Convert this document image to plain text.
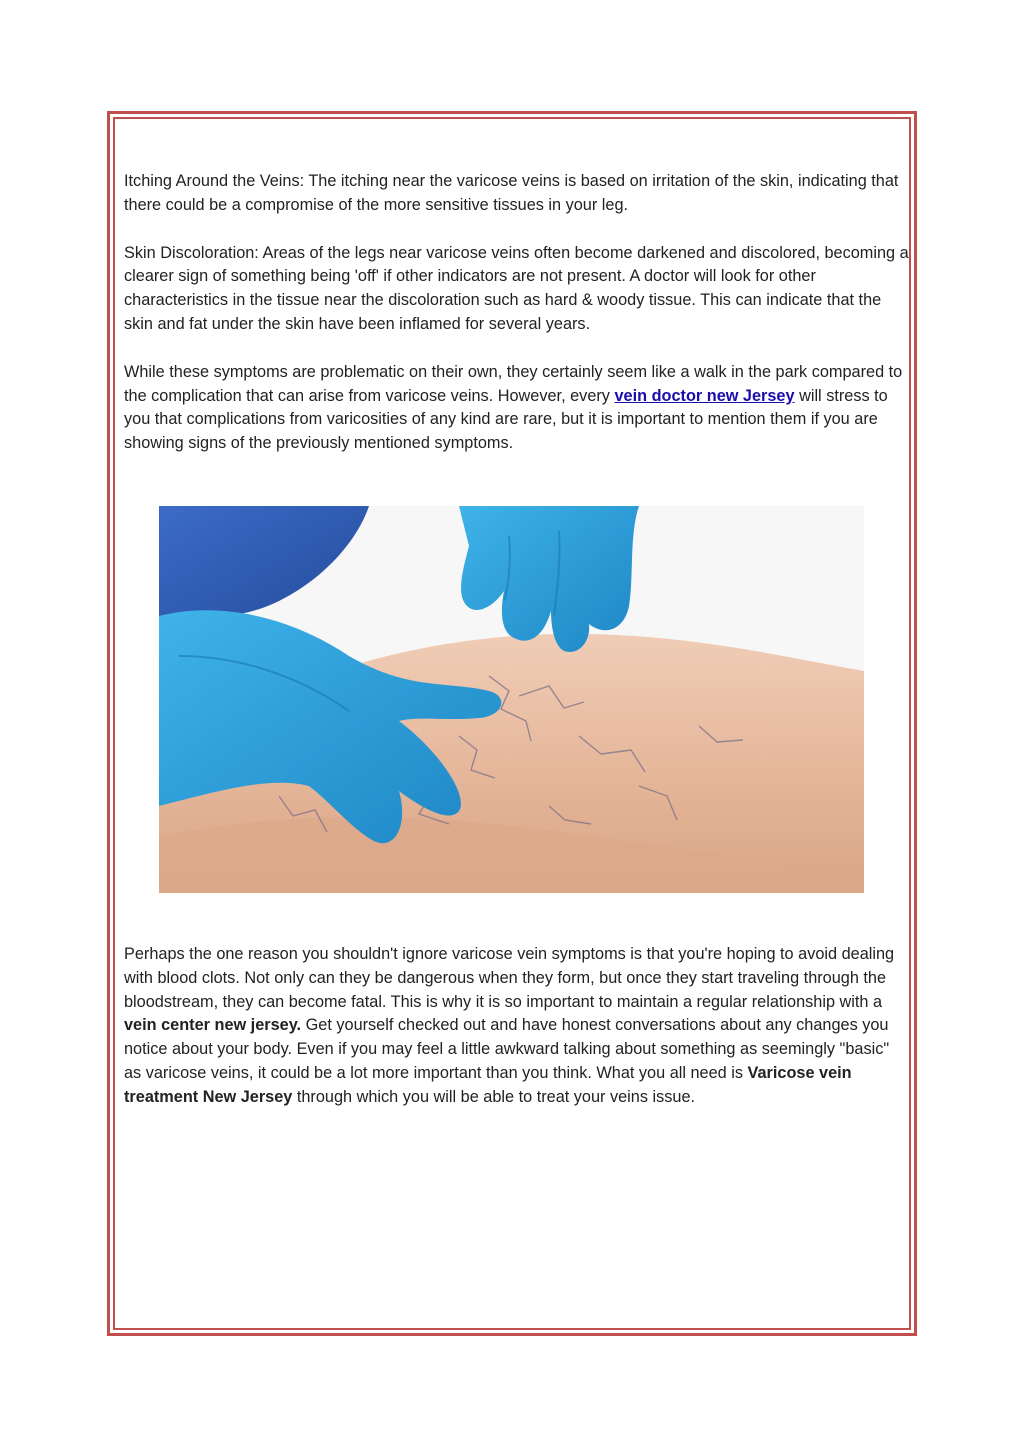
Itching Around the Veins: The itching near the varicose veins is based on irritation of the skin, indicating that there could be a compromise of the more sensitive tissues in your leg.

Skin Discoloration: Areas of the legs near varicose veins often become darkened and discolored, becoming a clearer sign of something being 'off' if other indicators are not present. A doctor will look for other characteristics in the tissue near the discoloration such as hard & woody tissue. This can indicate that the skin and fat under the skin have been inflamed for several years.

While these symptoms are problematic on their own, they certainly seem like a walk in the park compared to the complication that can arise from varicose veins. However, every vein doctor new Jersey will stress to you that complications from varicosities of any kind are rare, but it is important to mention them if you are showing signs of the previously mentioned symptoms.

Perhaps the one reason you shouldn't ignore varicose vein symptoms is that you're hoping to avoid dealing with blood clots. Not only can they be dangerous when they form, but once they start traveling through the bloodstream, they can become fatal. This is why it is so important to maintain a regular relationship with a vein center new jersey. Get yourself checked out and have honest conversations about any changes you notice about your body. Even if you may feel a little awkward talking about something as seemingly "basic" as varicose veins, it could be a lot more important than you think. What you all need is Varicose vein treatment New Jersey through which you will be able to treat your veins issue.
